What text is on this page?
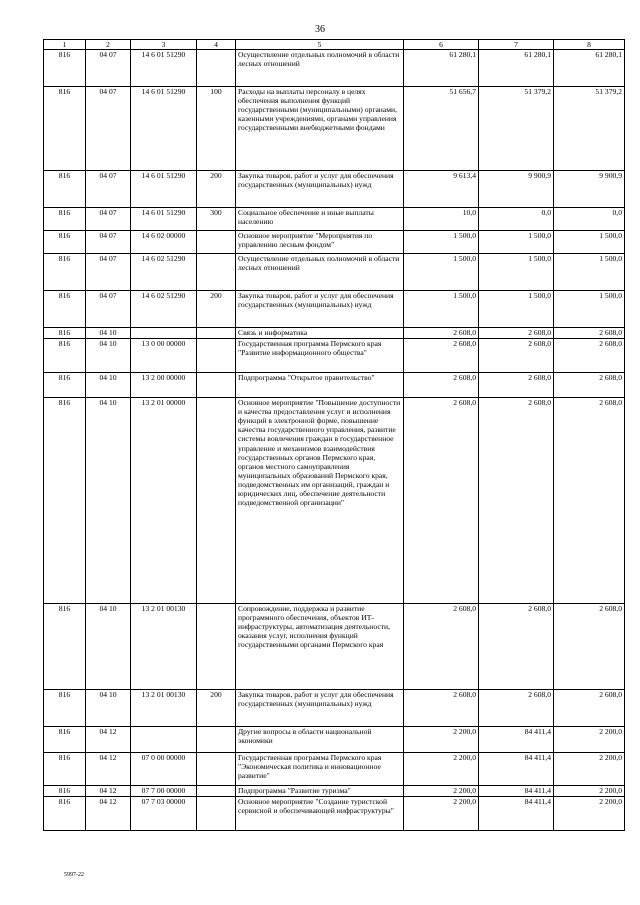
36
1	2	3	4	5	6	7	8
816	04 07	14 6 01 51290		Осуществление отдельных полномочий в области лесных отношений	61 280,1	61 280,1	61 280,1
816	04 07	14 6 01 51290	100	Расходы на выплаты персоналу в целях обеспечения выполнения функций государственными (муниципальными) органами, казенными учреждениями, органами управления государственными внебюджетными фондами	51 656,7	51 379,2	51 379,2
816	04 07	14 6 01 51290	200	Закупка товаров, работ и услуг для обеспечения государственных (муниципальных) нужд	9 613,4	9 900,9	9 900,9
816	04 07	14 6 01 51290	300	Социальное обеспечение и иные выплаты населению	10,0	0,0	0,0
816	04 07	14 6 02 00000		Основное мероприятие "Мероприятия по управлению лесным фондом"	1 500,0	1 500,0	1 500,0
816	04 07	14 6 02 51290		Осуществление отдельных полномочий в области лесных отношений	1 500,0	1 500,0	1 500,0
816	04 07	14 6 02 51290	200	Закупка товаров, работ и услуг для обеспечения государственных (муниципальных) нужд	1 500,0	1 500,0	1 500,0
816	04 10			Связь и информатика	2 608,0	2 608,0	2 608,0
816	04 10	13 0 00 00000		Государственная программа Пермского края "Развитие информационного общества"	2 608,0	2 608,0	2 608,0
816	04 10	13 2 00 00000		Подпрограмма "Открытое правительство"	2 608,0	2 608,0	2 608,0
816	04 10	13 2 01 00000		Основное мероприятие "Повышение доступности и качества предоставления услуг и исполнения функций в электронной форме, повышение качества государственного управления, развитие системы вовлечения граждан в государственное управление и механизмов взаимодействия государственных органов Пермского края, органов местного самоуправления муниципальных образований Пермского края, подведомственных им организаций, граждан и юридических лиц, обеспечение деятельности подведомственной организации"	2 608,0	2 608,0	2 608,0
816	04 10	13 2 01 00130		Сопровождение, поддержка и развитие программного обеспечения, объектов ИТ-инфраструктуры, автоматизация деятельности, оказания услуг, исполнения функций государственными органами Пермского края	2 608,0	2 608,0	2 608,0
816	04 10	13 2 01 00130	200	Закупка товаров, работ и услуг для обеспечения государственных (муниципальных) нужд	2 608,0	2 608,0	2 608,0
816	04 12			Другие вопросы в области национальной экономики	2 200,0	84 411,4	2 200,0
816	04 12	07 0 00 00000		Государственная программа Пермского края "Экономическая политика и инновационное развитие"	2 200,0	84 411,4	2 200,0
816	04 12	07 7 00 00000		Подпрограмма "Развитие туризма"	2 200,0	84 411,4	2 200,0
816	04 12	07 7 03 00000		Основное мероприятие "Создание туристской сервисной и обеспечивающей инфраструктуры"	2 200,0	84 411,4	2 200,0
5997-22
